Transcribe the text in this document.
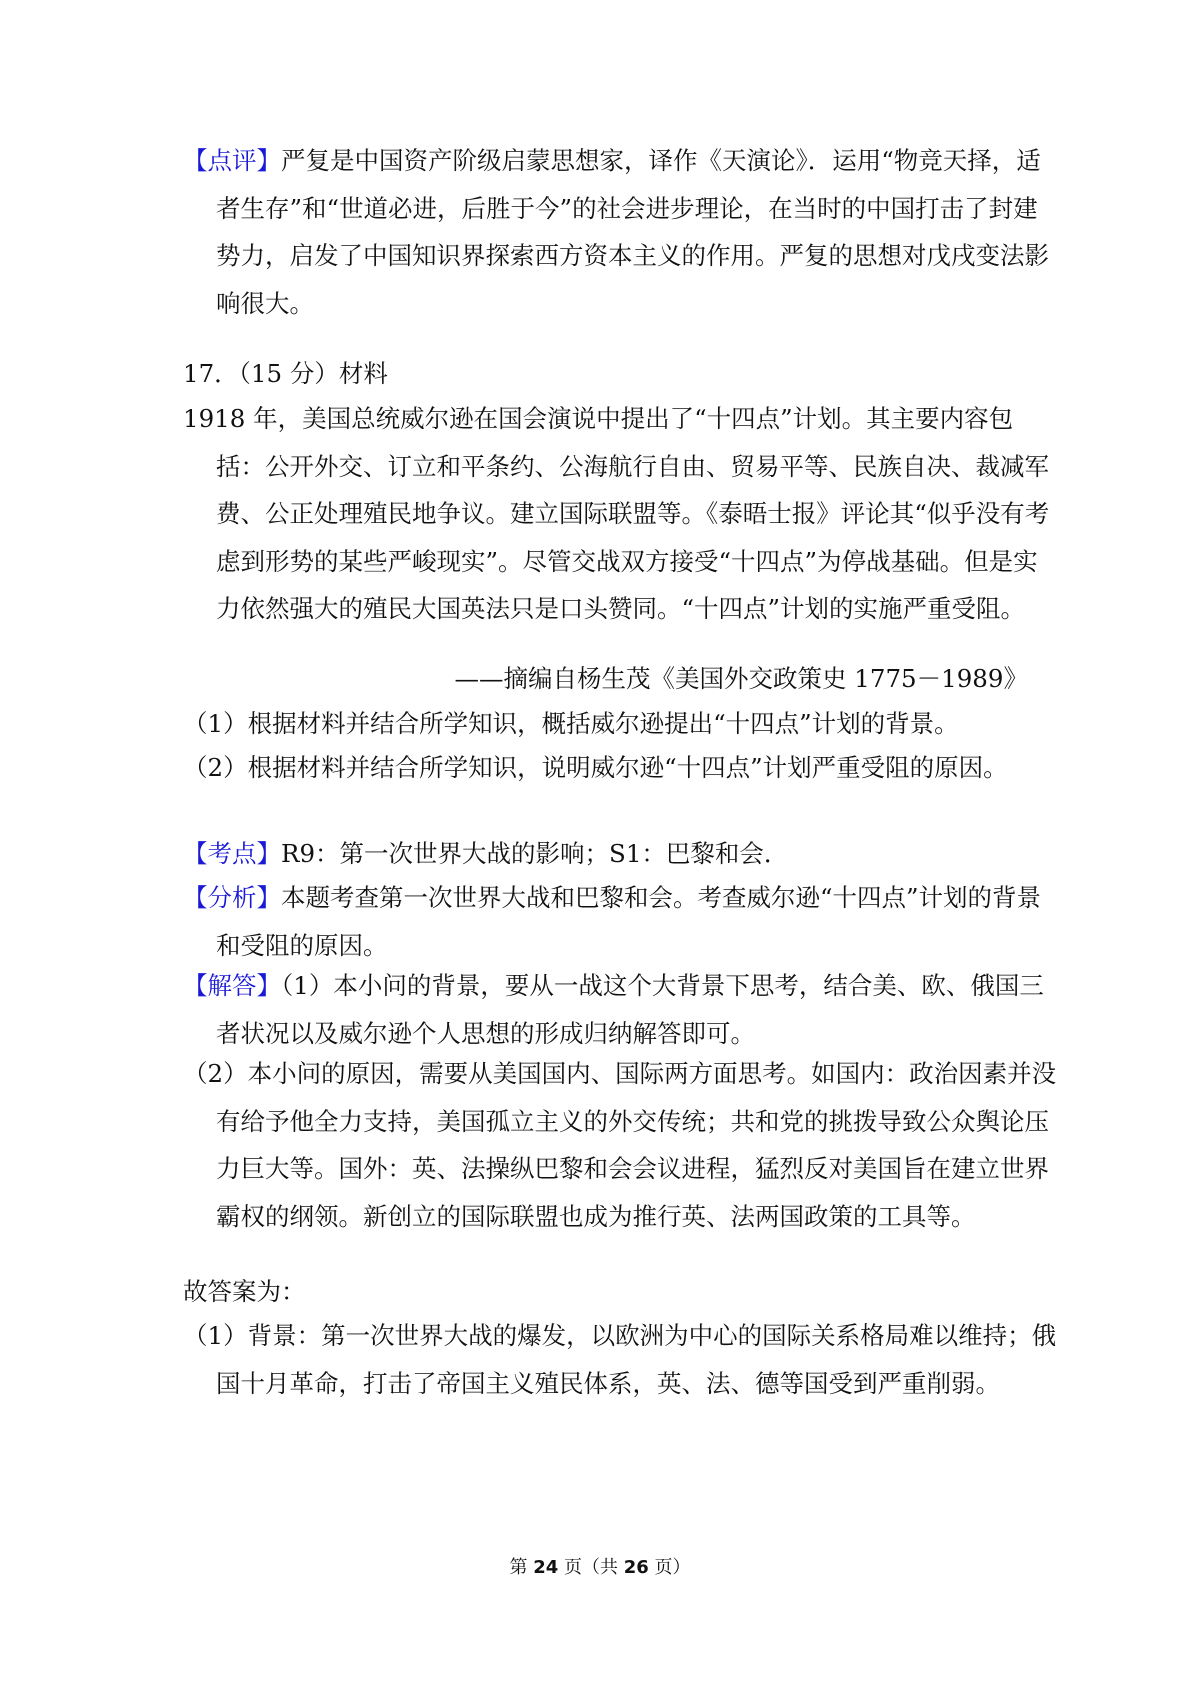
【点评】严复是中国资产阶级启蒙思想家，译作《天演论》．运用“物竞天择，适者生存”和“世道必进，后胜于今”的社会进步理论，在当时的中国打击了封建势力，启发了中国知识界探索西方资本主义的作用。严复的思想对戊戌变法影响很大。

17．（15 分）材料

1918 年，美国总统威尔逊在国会演说中提出了“十四点”计划。其主要内容包括：公开外交、订立和平条约、公海航行自由、贸易平等、民族自决、裁减军费、公正处理殖民地争议。建立国际联盟等。《泰晤士报》评论其“似乎没有考虑到形势的某些严峻现实”。尽管交战双方接受“十四点”为停战基础。但是实力依然强大的殖民大国英法只是口头赞同。“十四点”计划的实施严重受阻。

——摘编自杨生茂《美国外交政策史 1775－1989》

（1）根据材料并结合所学知识，概括威尔逊提出“十四点”计划的背景。

（2）根据材料并结合所学知识，说明威尔逊“十四点”计划严重受阻的原因。

【考点】R9：第一次世界大战的影响；S1：巴黎和会．

【分析】本题考查第一次世界大战和巴黎和会。考查威尔逊“十四点”计划的背景和受阻的原因。

【解答】（1）本小问的背景，要从一战这个大背景下思考，结合美、欧、俄国三者状况以及威尔逊个人思想的形成归纳解答即可。

（2）本小问的原因，需要从美国国内、国际两方面思考。如国内：政治因素并没有给予他全力支持，美国孤立主义的外交传统；共和党的挑拨导致公众舆论压力巨大等。国外：英、法操纵巴黎和会会议进程，猛烈反对美国旨在建立世界霸权的纲领。新创立的国际联盟也成为推行英、法两国政策的工具等。

故答案为：

（1）背景：第一次世界大战的爆发，以欧洲为中心的国际关系格局难以维持；俄国十月革命，打击了帝国主义殖民体系，英、法、德等国受到严重削弱。

第 24 页（共 26 页）
